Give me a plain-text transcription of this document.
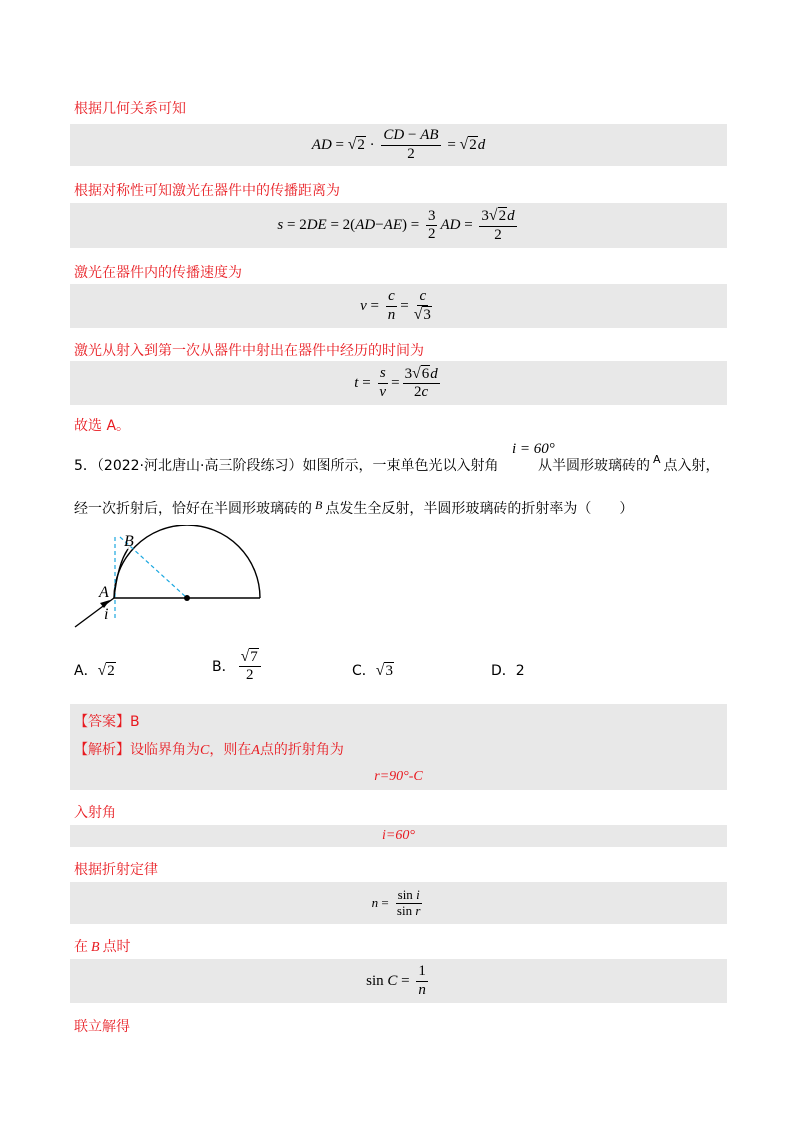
根据几何关系可知
AD = √ $2 \cdot \frac{CD - AB}{2}$ = √ 2 d
根据对称性可知激光在器件中的传播距离为
s = 2 DE = 2( AD − AE ) = $\frac{3}{2}$ AD = $\frac{3 √ 2 d}{2}$
激光在器件内的传播速度为
$v = \frac{c}{n} = \frac{c}{√ 3}$
激光从射入到第一次从器件中射出在器件中经历的时间为
$t = \frac{s}{v} = \frac{3 √ 6 d}{2c}$
故选 A。
5．（2022·河北唐山·高三阶段练习）如图所示，一束单色光以入射角
i = 60°
从半圆形玻璃砖的 $^A$ 点入射，
经一次折射后，恰好在半圆形玻璃砖的 B 点发生全反射，半圆形玻璃砖的折射率为（　　）
B
A
i
A． √ 2	B． $\frac{√ 7}{2}$	C． √ 3	D．2
【答案】B
【解析】设临界角为C，则在A点的折射角为
r=90°-C
入射角
i=60°
根据折射定律
$n = \frac{\text{sin i}}{\text{sin r}}$
在 B 点时
$\sin C = \frac{1}{n}$
联立解得
